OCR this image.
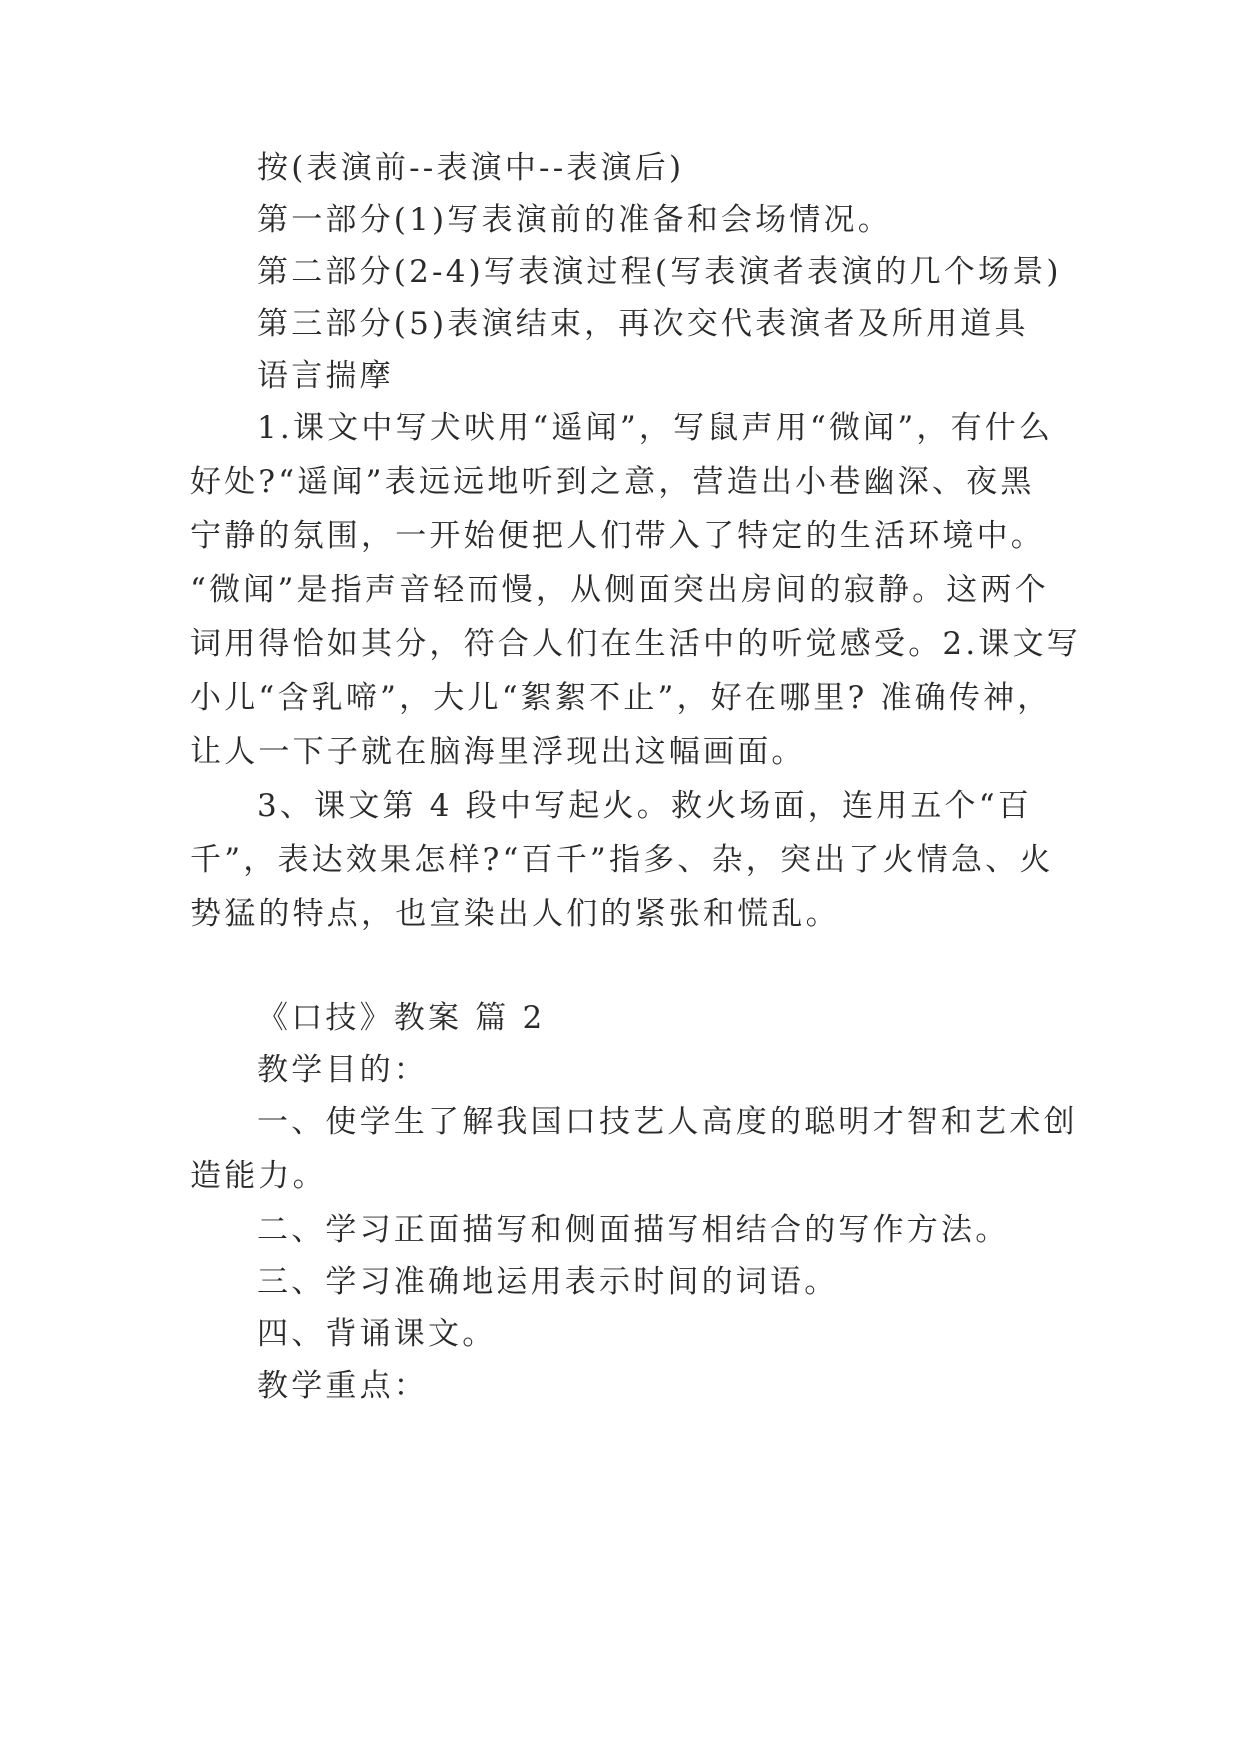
按(表演前--表演中--表演后)
第一部分(1)写表演前的准备和会场情况。
第二部分(2-4)写表演过程(写表演者表演的几个场景)
第三部分(5)表演结束，再次交代表演者及所用道具
语言揣摩
1.课文中写犬吠用“遥闻”，写鼠声用“微闻”，有什么
好处?“遥闻”表远远地听到之意，营造出小巷幽深、夜黑
宁静的氛围，一开始便把人们带入了特定的生活环境中。
“微闻”是指声音轻而慢，从侧面突出房间的寂静。这两个
词用得恰如其分，符合人们在生活中的听觉感受。2.课文写
小儿“含乳啼”，大儿“絮絮不止”，好在哪里? 准确传神，
让人一下子就在脑海里浮现出这幅画面。
3、课文第 4 段中写起火。救火场面，连用五个“百
千”，表达效果怎样?“百千”指多、杂，突出了火情急、火
势猛的特点，也宣染出人们的紧张和慌乱。
《口技》教案 篇 2
教学目的：
一、使学生了解我国口技艺人高度的聪明才智和艺术创
造能力。
二、学习正面描写和侧面描写相结合的写作方法。
三、学习准确地运用表示时间的词语。
四、背诵课文。
教学重点：
